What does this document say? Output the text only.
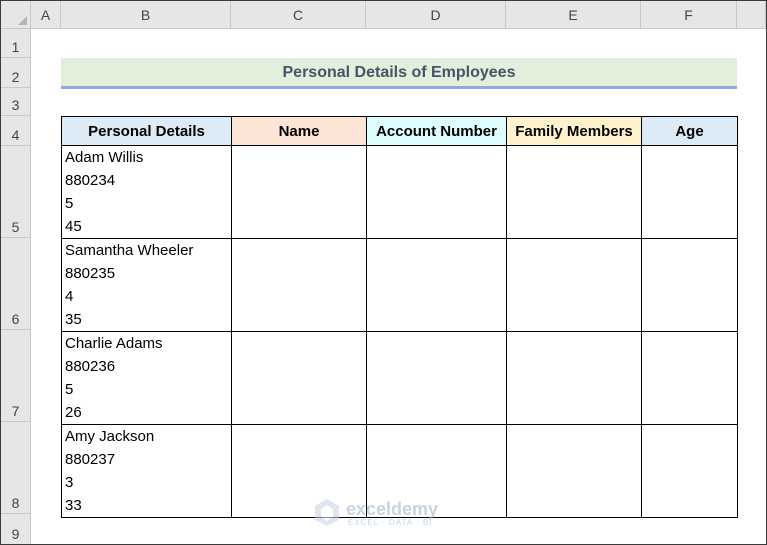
A	B	C	D	E	F
1
2
3
4
5
6
7
8
9
Personal Details of Employees
Personal Details	Name	Account Number	Family Members	Age

Adam Willis
880234
5
45				

Samantha Wheeler
880235
4
35				

Charlie Adams
880236
5
26				

Amy Jackson
880237
3
33				
					exceldemy
EXCEL · DATA · BI
